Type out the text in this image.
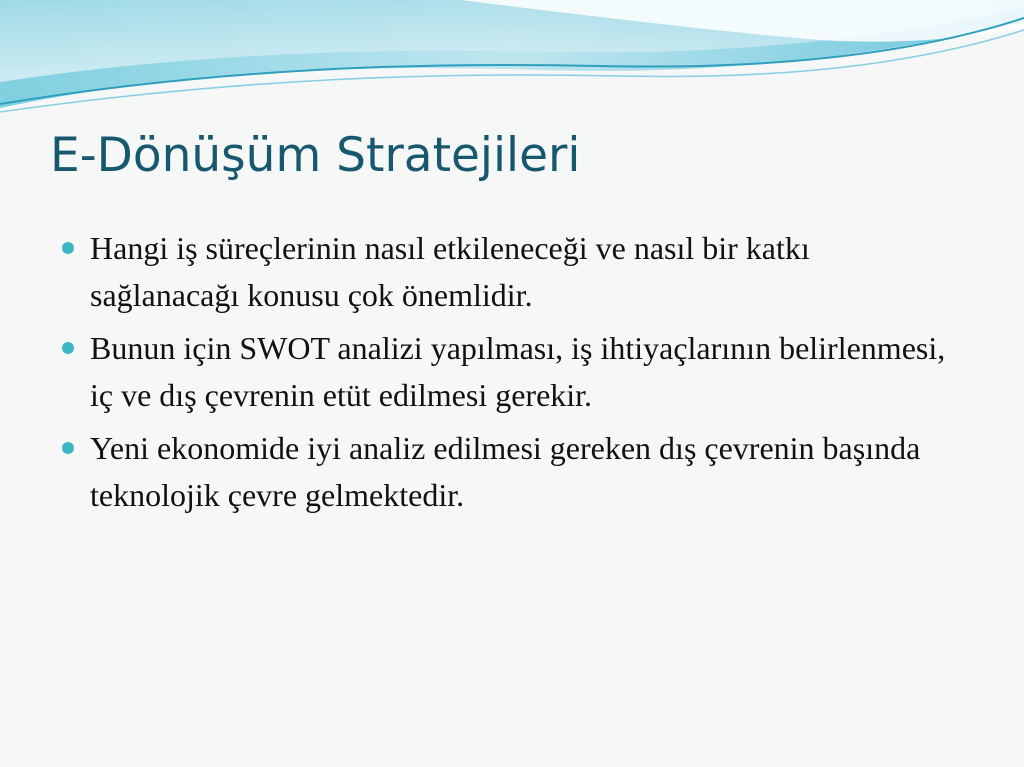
E-Dönüşüm Stratejileri
Hangi iş süreçlerinin nasıl etkileneceği ve nasıl bir katkı sağlanacağı konusu çok önemlidir.
Bunun için SWOT analizi yapılması, iş ihtiyaçlarının belirlenmesi, iç ve dış çevrenin etüt edilmesi gerekir.
Yeni ekonomide iyi analiz edilmesi gereken dış çevrenin başında teknolojik çevre gelmektedir.
